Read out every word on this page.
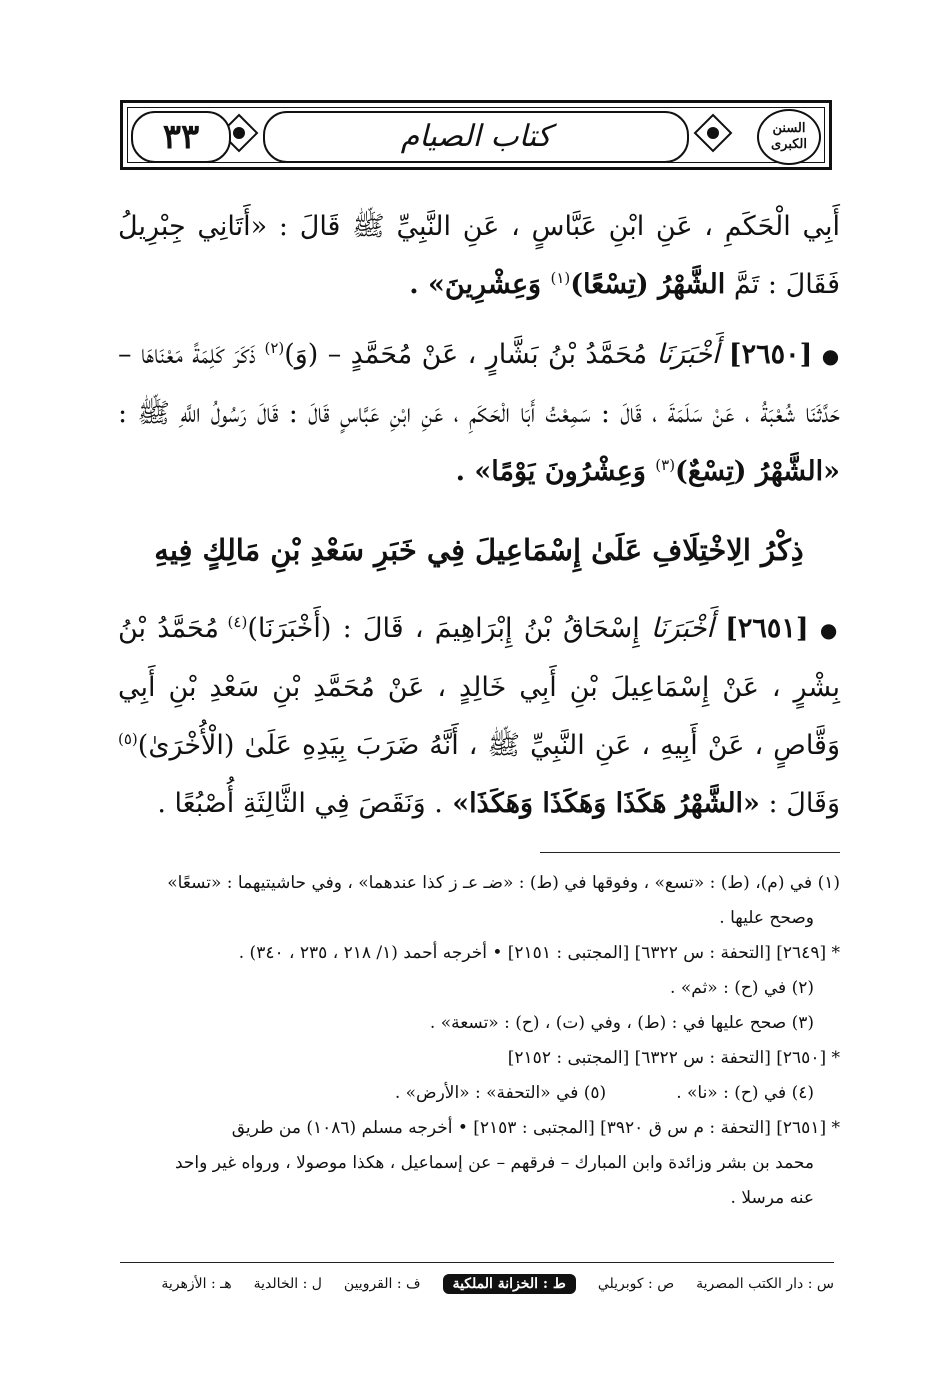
٣٣	كتاب الصيام	السنن الكبرى
أَبِي الْحَكَمِ ، عَنِ ابْنِ عَبَّاسٍ ، عَنِ النَّبِيِّ ﷺ قَالَ : «أَتَانِي جِبْرِيلُ فَقَالَ : تَمَّ الشَّهْرُ (تِسْعًا)$^{(١)}$ وَعِشْرِينَ» .
● [٢٦٥٠] أَخْبَرَنَا مُحَمَّدُ بْنُ بَشَّارٍ ، عَنْ مُحَمَّدٍ – (وَ)$^{(٢)}$ ذَكَرَ كَلِمَةً مَعْنَاهَا – حَدَّثَنَا شُعْبَةُ ، عَنْ سَلَمَةَ ، قَالَ : سَمِعْتُ أَبَا الْحَكَمِ ، عَنِ ابْنِ عَبَّاسٍ قَالَ : قَالَ رَسُولُ اللَّهِ ﷺ : «الشَّهْرُ (تِسْعٌ)$^{(٣)}$ وَعِشْرُونَ يَوْمًا» .
ذِكْرُ الِاخْتِلَافِ عَلَىٰ إِسْمَاعِيلَ فِي خَبَرِ سَعْدِ بْنِ مَالِكٍ فِيهِ
● [٢٦٥١] أَخْبَرَنَا إِسْحَاقُ بْنُ إِبْرَاهِيمَ ، قَالَ : (أَخْبَرَنَا)$^{(٤)}$ مُحَمَّدُ بْنُ بِشْرٍ ، عَنْ إِسْمَاعِيلَ بْنِ أَبِي خَالِدٍ ، عَنْ مُحَمَّدِ بْنِ سَعْدِ بْنِ أَبِي وَقَّاصٍ ، عَنْ أَبِيهِ ، عَنِ النَّبِيِّ ﷺ ، أَنَّهُ ضَرَبَ بِيَدِهِ عَلَىٰ (الْأُخْرَىٰ)$^{(٥)}$ وَقَالَ : «الشَّهْرُ هَكَذَا وَهَكَذَا وَهَكَذَا» . وَنَقَصَ فِي الثَّالِثَةِ أُصْبُعًا .

(١) في (م)، (ط) : «تسع» ، وفوقها في (ط) : «ضـ عـ ز كذا عندهما» ، وفي حاشيتيهما : «تسعًا»

وصحح عليها .

* [٢٦٤٩] [التحفة : س ٦٣٢٢] [المجتبى : ٢١٥١] • أخرجه أحمد (١/ ٢١٨ ، ٢٣٥ ، ٣٤٠) .

(٢) في (ح) : «ثم» .

(٣) صحح عليها في : (ط) ، وفي (ت) ، (ح) : «تسعة» .

* [٢٦٥٠] [التحفة : س ٦٣٢٢] [المجتبى : ٢١٥٢]

(٤) في (ح) : «نا» .
(٥) في «التحفة» : «الأرض» .

* [٢٦٥١] [التحفة : م س ق ٣٩٢٠] [المجتبى : ٢١٥٣] • أخرجه مسلم (١٠٨٦) من طريق

محمد بن بشر وزائدة وابن المبارك – فرقهم – عن إسماعيل ، هكذا موصولا ، ورواه غير واحد

عنه مرسلا .

س : دار الكتب المصرية
ص : كوبريلي
ط : الخزانة الملكية
ف : القرويين
ل : الخالدية
هـ : الأزهرية
